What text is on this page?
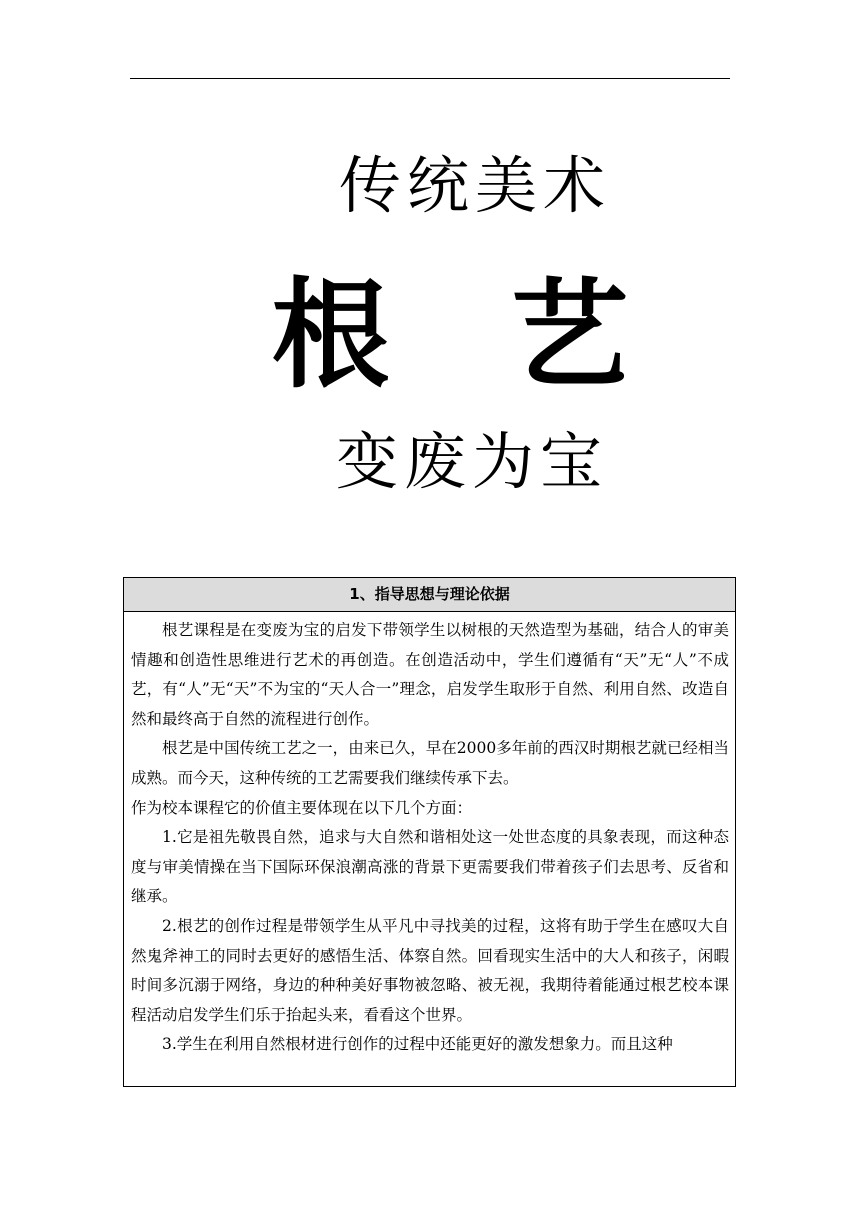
传统美术
根 艺
变废为宝
1、指导思想与理论依据

根艺课程是在变废为宝的启发下带领学生以树根的天然造型为基础，结合人的审美情趣和创造性思维进行艺术的再创造。在创造活动中，学生们遵循有“天”无“人”不成艺，有“人”无“天”不为宝的“天人合一”理念，启发学生取形于自然、利用自然、改造自然和最终高于自然的流程进行创作。

根艺是中国传统工艺之一，由来已久，早在2000多年前的西汉时期根艺就已经相当成熟。而今天，这种传统的工艺需要我们继续传承下去。

作为校本课程它的价值主要体现在以下几个方面：

1.它是祖先敬畏自然，追求与大自然和谐相处这一处世态度的具象表现，而这种态度与审美情操在当下国际环保浪潮高涨的背景下更需要我们带着孩子们去思考、反省和继承。

2.根艺的创作过程是带领学生从平凡中寻找美的过程，这将有助于学生在感叹大自然鬼斧神工的同时去更好的感悟生活、体察自然。回看现实生活中的大人和孩子，闲暇时间多沉溺于网络，身边的种种美好事物被忽略、被无视，我期待着能通过根艺校本课程活动启发学生们乐于抬起头来，看看这个世界。

3.学生在利用自然根材进行创作的过程中还能更好的激发想象力。而且这种
